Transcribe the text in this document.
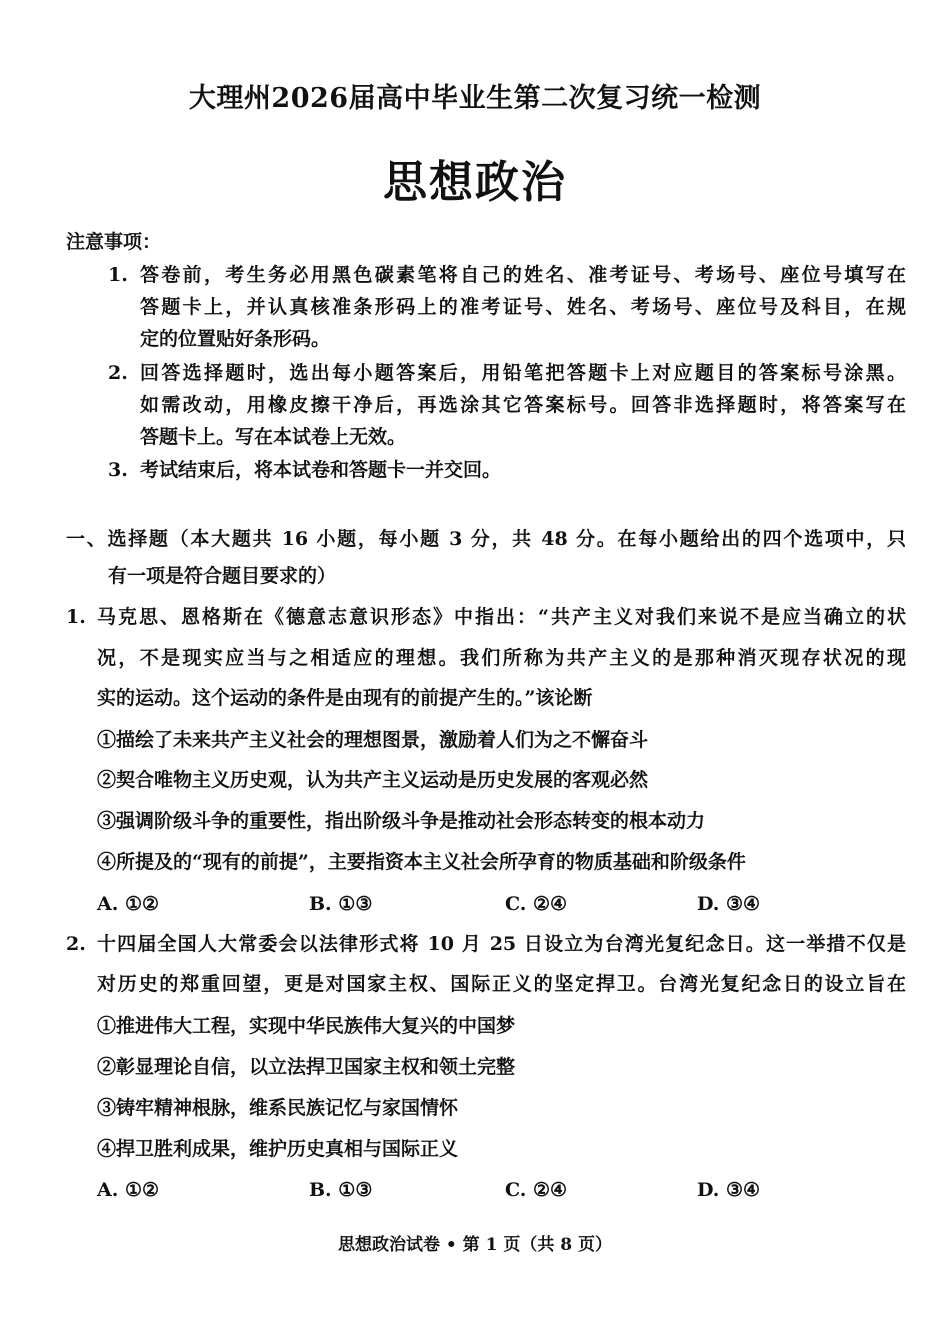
大理州2026届高中毕业生第二次复习统一检测
思想政治
注意事项：
1. 答卷前，考生务必用黑色碳素笔将自己的姓名、准考证号、考场号、座位号填写在
答题卡上，并认真核准条形码上的准考证号、姓名、考场号、座位号及科目，在规
定的位置贴好条形码。
2. 回答选择题时，选出每小题答案后，用铅笔把答题卡上对应题目的答案标号涂黑。
如需改动，用橡皮擦干净后，再选涂其它答案标号。回答非选择题时，将答案写在
答题卡上。写在本试卷上无效。
3. 考试结束后，将本试卷和答题卡一并交回。
一、选择题（本大题共 16 小题，每小题 3 分，共 48 分。在每小题给出的四个选项中，只
有一项是符合题目要求的）
1. 马克思、恩格斯在《德意志意识形态》中指出：“共产主义对我们来说不是应当确立的状
况，不是现实应当与之相适应的理想。我们所称为共产主义的是那种消灭现存状况的现
实的运动。这个运动的条件是由现有的前提产生的。”该论断
①描绘了未来共产主义社会的理想图景，激励着人们为之不懈奋斗
②契合唯物主义历史观，认为共产主义运动是历史发展的客观必然
③强调阶级斗争的重要性，指出阶级斗争是推动社会形态转变的根本动力
④所提及的“现有的前提”，主要指资本主义社会所孕育的物质基础和阶级条件
A. ①②	B. ①③	C. ②④	D. ③④
2. 十四届全国人大常委会以法律形式将 10 月 25 日设立为台湾光复纪念日。这一举措不仅是
对历史的郑重回望，更是对国家主权、国际正义的坚定捍卫。台湾光复纪念日的设立旨在
①推进伟大工程，实现中华民族伟大复兴的中国梦
②彰显理论自信，以立法捍卫国家主权和领土完整
③铸牢精神根脉，维系民族记忆与家国情怀
④捍卫胜利成果，维护历史真相与国际正义
A. ①②	B. ①③	C. ②④	D. ③④
思想政治试卷 • 第 1 页（共 8 页）
